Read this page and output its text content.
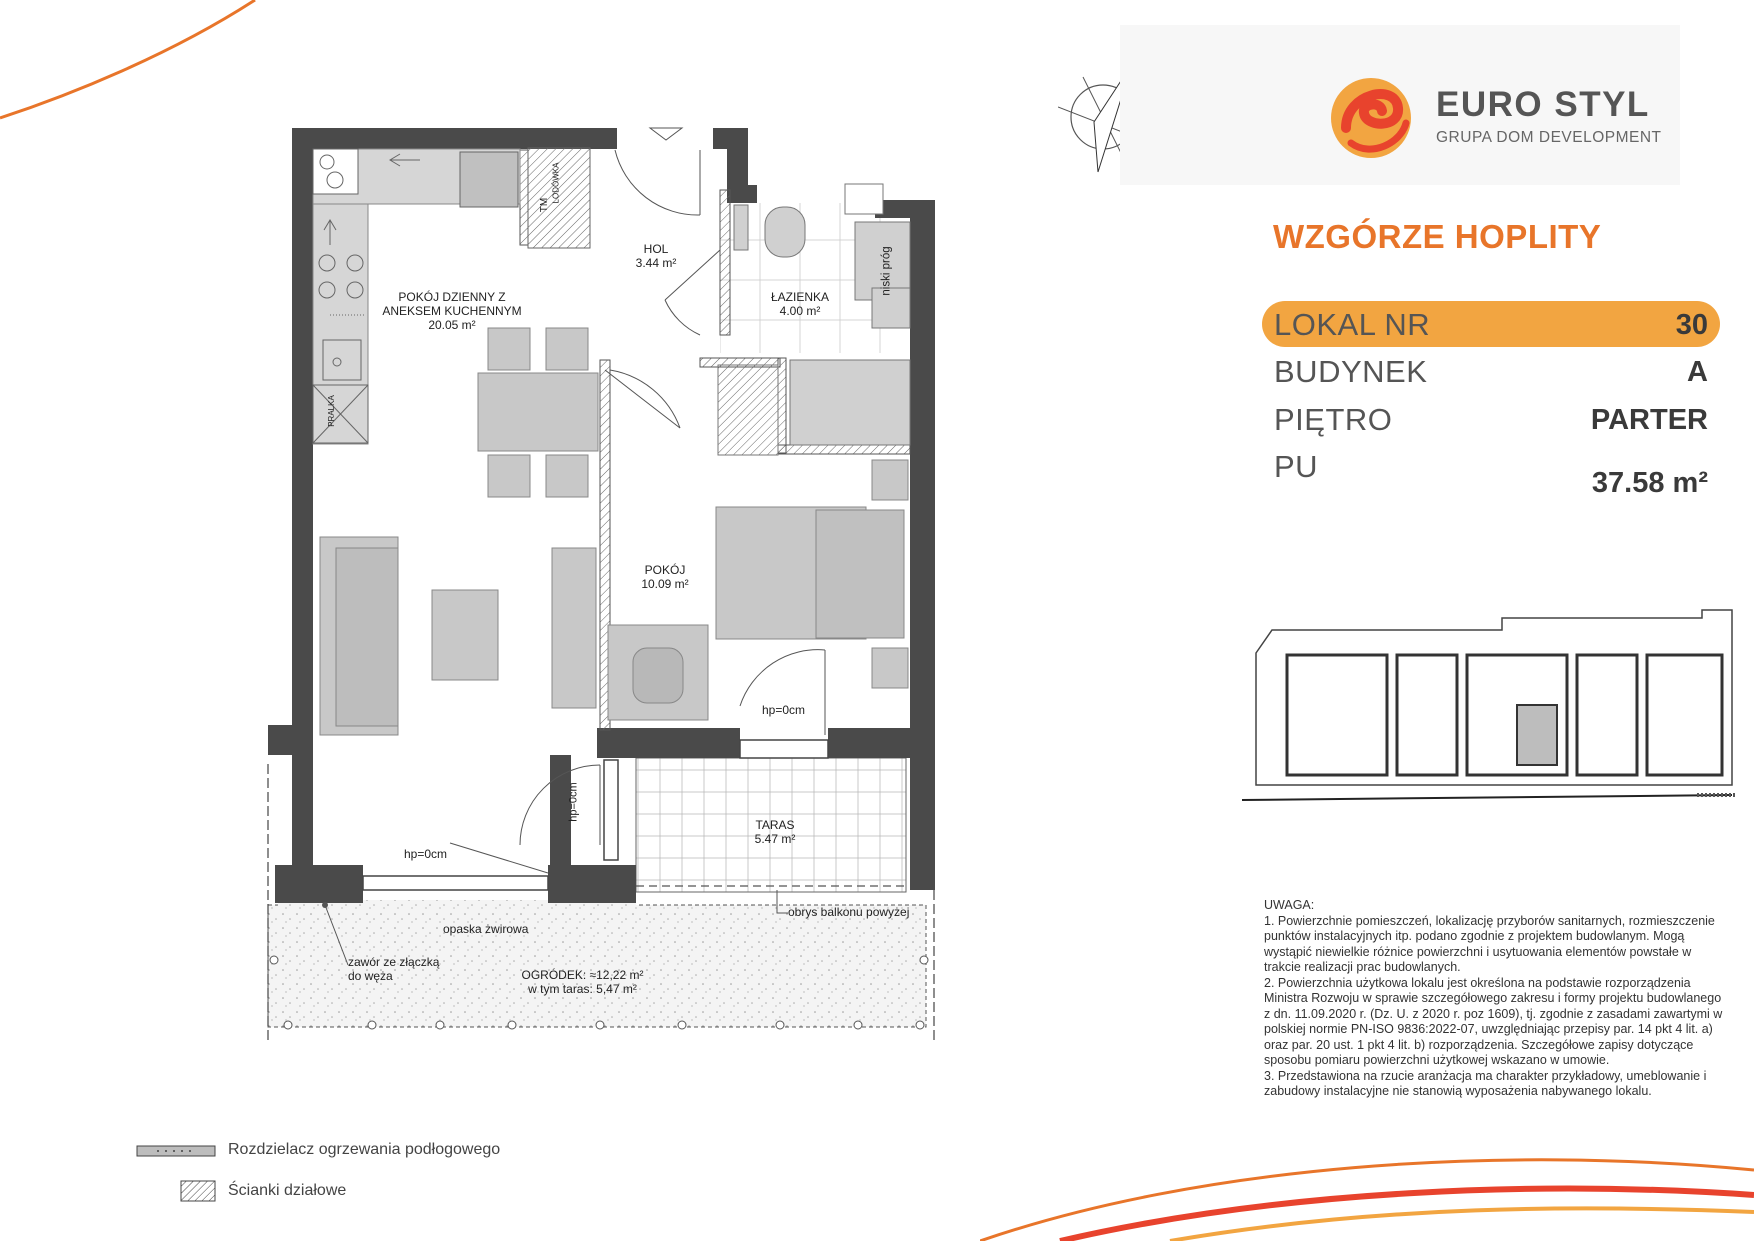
EURO STYL
GRUPA DOM DEVELOPMENT
WZGÓRZE HOPLITY
LOKAL NR	30
BUDYNEK	A
PIĘTRO	PARTER
PU	37.58 m²
POKÓJ DZIENNY Z
ANEKSEM KUCHENNYM
20.05 m²
HOL
3.44 m²
ŁAZIENKA
4.00 m²
POKÓJ
10.09 m²
TARAS
5.47 m²
niski próg
hp=0cm
hp=0cm
hp=0cm
opaska żwirowa
zawór ze złączką
do węża	OGRÓDEK: ≈12,22 m²
w tym taras: 5,47 m²
obrys balkonu powyżej
PRALKA
LODÓWKA
TM

UWAGA:

1. Powierzchnie pomieszczeń, lokalizację przyborów sanitarnych, rozmieszczenie punktów instalacyjnych itp. podano zgodnie z projektem budowlanym. Mogą wystąpić niewielkie różnice powierzchni i usytuowania elementów powstałe w trakcie realizacji prac budowlanych.

2. Powierzchnia użytkowa lokalu jest określona na podstawie rozporządzenia Ministra Rozwoju w sprawie szczegółowego zakresu i formy projektu budowlanego z dn. 11.09.2020 r. (Dz. U. z 2020 r. poz 1609), tj. zgodnie z zasadami zawartymi w polskiej normie PN-ISO 9836:2022-07, uwzględniając przepisy par. 14 pkt 4 lit. a) oraz par. 20 ust. 1 pkt 4 lit. b) rozporządzenia. Szczegółowe zapisy dotyczące sposobu pomiaru powierzchni użytkowej wskazano w umowie.

3. Przedstawiona na rzucie aranżacja ma charakter przykładowy, umeblowanie i zabudowy instalacyjne nie stanowią wyposażenia nabywanego lokalu.

Rozdzielacz ogrzewania podłogowego
Ścianki działowe
